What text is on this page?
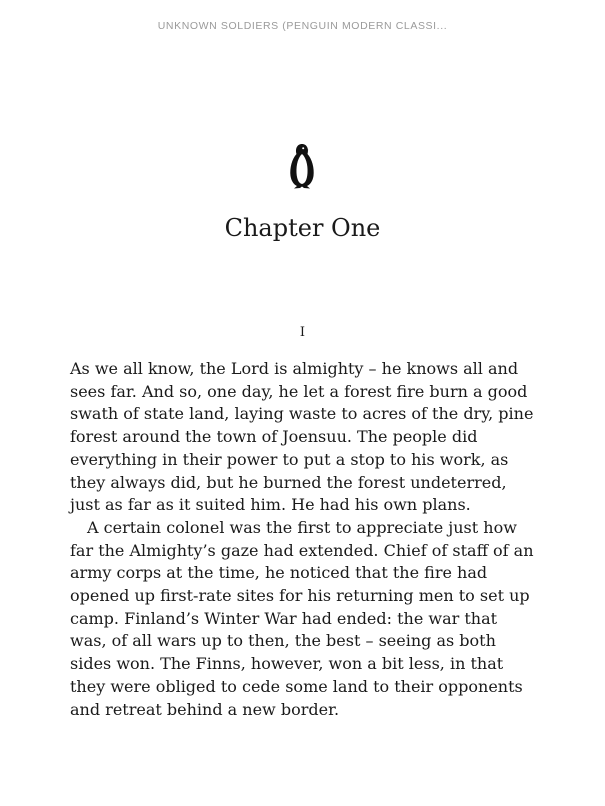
UNKNOWN SOLDIERS (PENGUIN MODERN CLASSI...
Chapter One
I

As we all know, the Lord is almighty – he knows all and sees far. And so, one day, he let a forest fire burn a good swath of state land, laying waste to acres of the dry, pine forest around the town of Joensuu. The people did everything in their power to put a stop to his work, as they always did, but he burned the forest undeterred, just as far as it suited him. He had his own plans.

A certain colonel was the first to appreciate just how far the Almighty’s gaze had extended. Chief of staff of an army corps at the time, he noticed that the fire had opened up first-rate sites for his returning men to set up camp. Finland’s Winter War had ended: the war that was, of all wars up to then, the best – seeing as both sides won. The Finns, however, won a bit less, in that they were obliged to cede some land to their opponents and retreat behind a new border.
